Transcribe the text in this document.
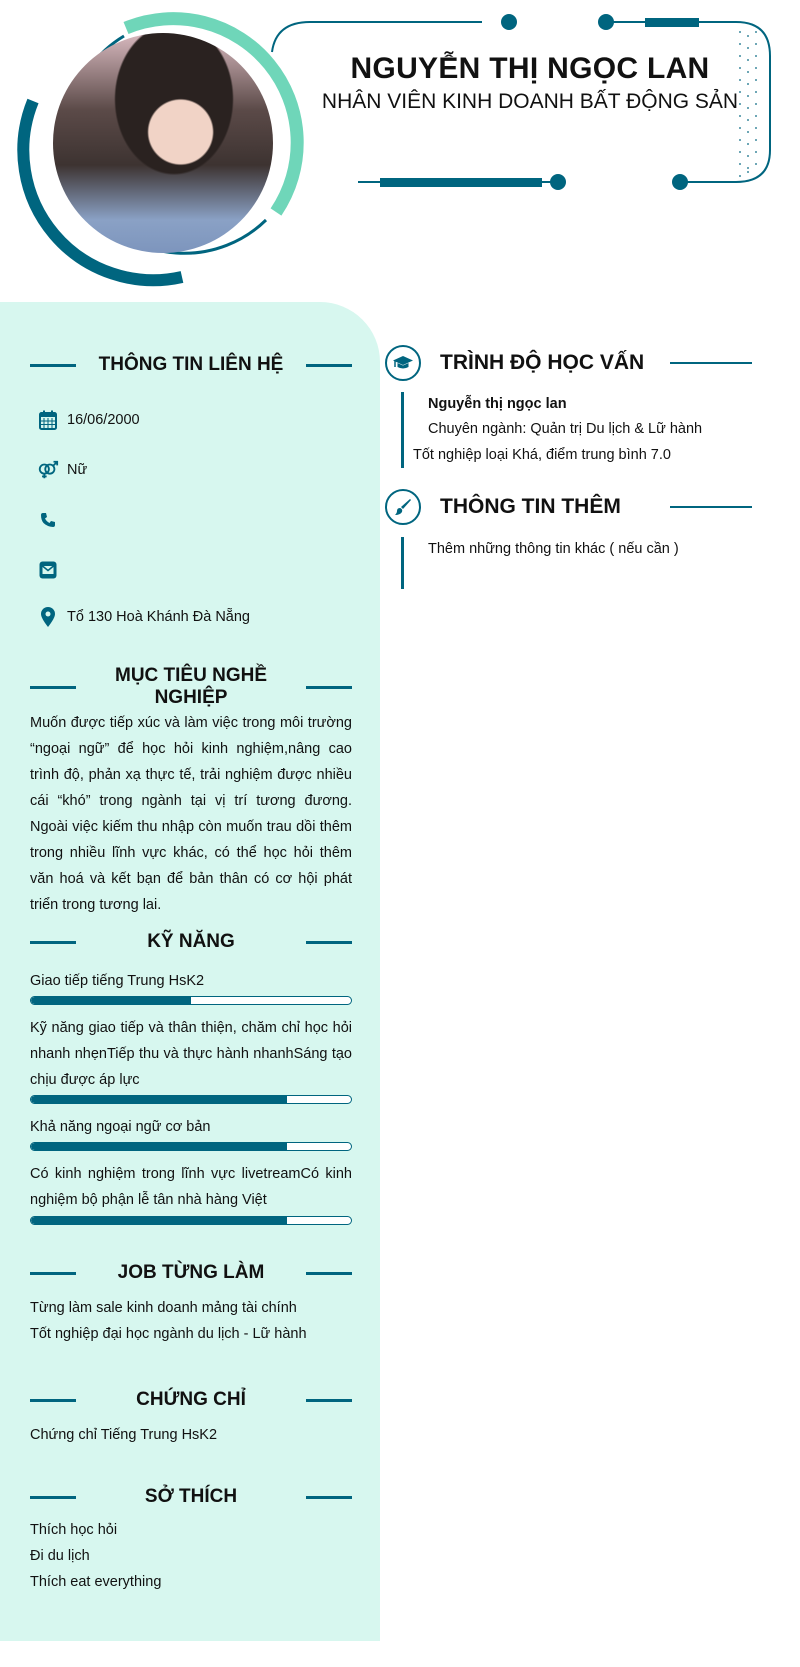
NGUYỄN THỊ NGỌC LAN
NHÂN VIÊN KINH DOANH BẤT ĐỘNG SẢN
THÔNG TIN LIÊN HỆ
16/06/2000
Nữ
Tổ 130 Hoà Khánh Đà Nẵng
MỤC TIÊU NGHỀ NGHIỆP
Muốn được tiếp xúc và làm việc trong môi trường “ngoại ngữ” để học hỏi kinh nghiệm,nâng cao trình độ, phản xạ thực tế, trải nghiệm được nhiều cái “khó” trong ngành tại vị trí tương đương. Ngoài việc kiếm thu nhập còn muốn trau dồi thêm trong nhiều lĩnh vực khác, có thể học hỏi thêm văn hoá và kết bạn để bản thân có cơ hội phát triển trong tương lai.
KỸ NĂNG
Giao tiếp tiếng Trung HsK2
Kỹ năng giao tiếp và thân thiện, chăm chỉ học hỏi nhanh nhẹnTiếp thu và thực hành nhanhSáng tạo chịu được áp lực
Khả năng ngoại ngữ cơ bản
Có kinh nghiệm trong lĩnh vực livetreamCó kinh nghiệm bộ phận lễ tân nhà hàng Việt
JOB TỪNG LÀM
Từng làm sale kinh doanh mảng tài chính
Tốt nghiệp đại học ngành du lịch - Lữ hành
CHỨNG CHỈ
Chứng chỉ Tiếng Trung HsK2
SỞ THÍCH
Thích học hỏi
Đi du lịch
Thích eat everything
TRÌNH ĐỘ HỌC VẤN
Nguyễn thị ngọc lan
Chuyên ngành: Quản trị Du lịch & Lữ hành
Tốt nghiệp loại Khá, điểm trung bình 7.0
THÔNG TIN THÊM
Thêm những thông tin khác ( nếu cần )
